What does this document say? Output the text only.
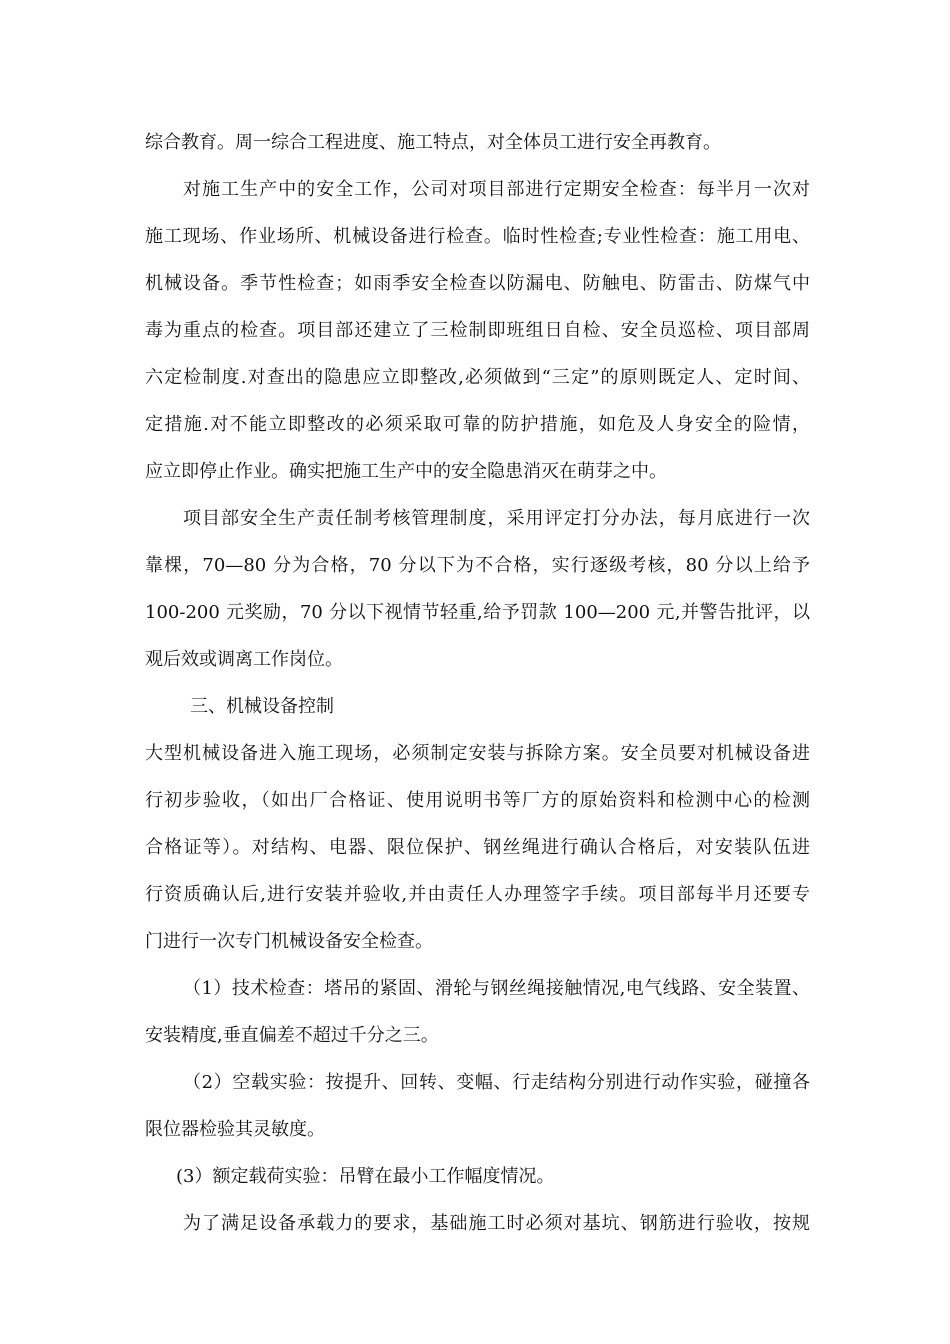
综合教育。周一综合工程进度、施工特点，对全体员工进行安全再教育。
对施工生产中的安全工作，公司对项目部进行定期安全检查：每半月一次对
施工现场、作业场所、机械设备进行检查。临时性检查;专业性检查：施工用电、
机械设备。季节性检查；如雨季安全检查以防漏电、防触电、防雷击、防煤气中
毒为重点的检查。项目部还建立了三检制即班组日自检、安全员巡检、项目部周
六定检制度.对查出的隐患应立即整改,必须做到“三定”的原则既定人、定时间、
定措施.对不能立即整改的必须采取可靠的防护措施，如危及人身安全的险情，
应立即停止作业。确实把施工生产中的安全隐患消灭在萌芽之中。
项目部安全生产责任制考核管理制度，采用评定打分办法，每月底进行一次
靠棵，70—80 分为合格，70 分以下为不合格，实行逐级考核，80 分以上给予
100-200 元奖励，70 分以下视情节轻重,给予罚款 100—200 元,并警告批评，以
观后效或调离工作岗位。
三、机械设备控制
大型机械设备进入施工现场，必须制定安装与拆除方案。安全员要对机械设备进
行初步验收，（如出厂合格证、使用说明书等厂方的原始资料和检测中心的检测
合格证等）。对结构、电器、限位保护、钢丝绳进行确认合格后，对安装队伍进
行资质确认后,进行安装并验收,并由责任人办理签字手续。项目部每半月还要专
门进行一次专门机械设备安全检查。
（1）技术检查：塔吊的紧固、滑轮与钢丝绳接触情况,电气线路、安全装置、
安装精度,垂直偏差不超过千分之三。
（2）空载实验：按提升、回转、变幅、行走结构分别进行动作实验，碰撞各
限位器检验其灵敏度。
(3）额定载荷实验：吊臂在最小工作幅度情况。
为了满足设备承载力的要求，基础施工时必须对基坑、钢筋进行验收，按规
